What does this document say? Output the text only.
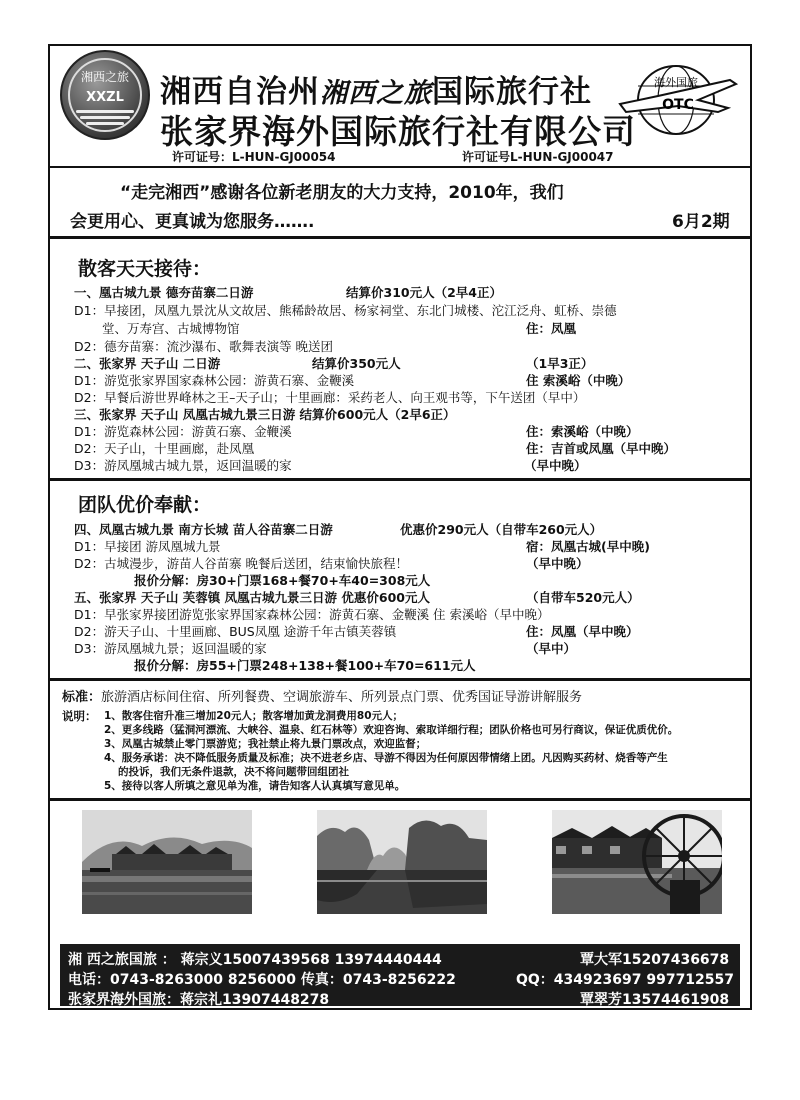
湘西之旅
XXZL	湘西自治州湘西之旅国际旅行社
张家界海外国际旅行社有限公司
海外国旅
OTC
许可证号：L-HUN-GJ00054	许可证号L-HUN-GJ00047
“走完湘西”感谢各位新老朋友的大力支持，2010年，我们
会更用心、更真诚为您服务…….	6月2期
散客天天接待：
一、凰古城九景 德夯苗寨二日游	结算价310元人（2早4正）
D1：早接团，凤凰九景沈从文故居、熊稀龄故居、杨家祠堂、东北门城楼、沱江泛舟、虹桥、崇德
堂、万寿宫、古城博物馆	住：凤凰
D2：德夯苗寨：流沙瀑布、歌舞表演等 晚送团
二、张家界 天子山 二日游	结算价350元人	（1早3正）
D1：游览张家界国家森林公园：游黄石寨、金鞭溪	住 索溪峪（中晚）
D2：早餐后游世界峰林之王–天子山；十里画廊：采药老人、向王观书等，下午送团（早中）
三、张家界 天子山 凤凰古城九景三日游 结算价600元人（2早6正）
D1：游览森林公园：游黄石寨、金鞭溪	住：索溪峪（中晚）
D2：天子山，十里画廊，赴凤凰	住：吉首或凤凰（早中晚）
D3：游凤凰城古城九景，返回温暖的家	（早中晚）
团队优价奉献：
四、凤凰古城九景 南方长城 苗人谷苗寨二日游	优惠价290元人（自带车260元人）
D1：早接团 游凤凰城九景	宿：凤凰古城(早中晚)
D2：古城漫步，游苗人谷苗寨 晚餐后送团，结束愉快旅程！	（早中晚）
报价分解：房30+门票168+餐70+车40=308元人
五、张家界 天子山 芙蓉镇 凤凰古城九景三日游 优惠价600元人	（自带车520元人）
D1：早张家界接团游览张家界国家森林公园：游黄石寨、金鞭溪 住 索溪峪（早中晚）
D2：游天子山、十里画廊、BUS凤凰 途游千年古镇芙蓉镇	住：凤凰（早中晚）
D3：游凤凰城九景；返回温暖的家	（早中）
报价分解：房55+门票248+138+餐100+车70=611元人
标准：旅游酒店标间住宿、所列餐费、空调旅游车、所列景点门票、优秀国证导游讲解服务
说明： 1、散客住宿升准三增加20元人；散客增加黄龙洞费用80元人；
2、更多线路（猛洞河漂流、大峡谷、温泉、红石林等）欢迎咨询、索取详细行程；团队价格也可另行商议，保证优质优价。
3、凤凰古城禁止零门票游览；我社禁止将九景门票改点，欢迎监督；
4、服务承诺：决不降低服务质量及标准；决不进老乡店、导游不得因为任何原因带情绪上团。凡因购买药材、烧香等产生
的投诉，我们无条件退款，决不将问题带回组团社
5、接待以客人所填之意见单为准，请告知客人认真填写意见单。
湘 西之旅国旅 ： 蒋宗义15007439568 13974440444	覃大军15207436678
电话：0743-8263000 8256000 传真：0743-8256222	QQ：434923697 997712557
张家界海外国旅：蒋宗礼13907448278	覃翠芳13574461908
电话：0744-8111168 8287718 传真：0744-8221886	QQ：908793786 763396370
